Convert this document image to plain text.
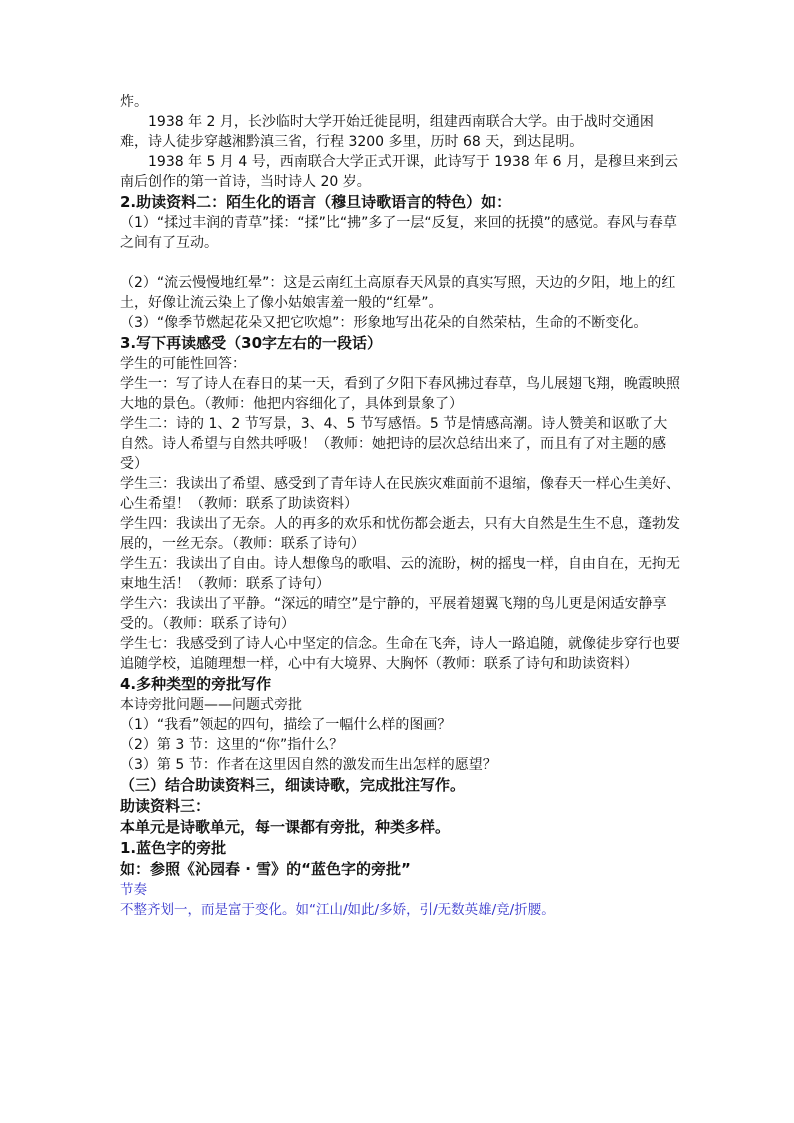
炸。

1938 年 2 月，长沙临时大学开始迁徙昆明，组建西南联合大学。由于战时交通困难，诗人徒步穿越湘黔滇三省，行程 3200 多里，历时 68 天，到达昆明。

1938 年 5 月 4 号，西南联合大学正式开课，此诗写于 1938 年 6 月，是穆旦来到云南后创作的第一首诗，当时诗人 20 岁。

2.助读资料二：陌生化的语言（穆旦诗歌语言的特色）如：

（1）“揉过丰润的青草”揉：“揉”比“拂”多了一层“反复，来回的抚摸”的感觉。春风与春草之间有了互动。

（2）“流云慢慢地红晕”：这是云南红土高原春天风景的真实写照，天边的夕阳，地上的红土，好像让流云染上了像小姑娘害羞一般的“红晕”。

（3）“像季节燃起花朵又把它吹熄”：形象地写出花朵的自然荣枯，生命的不断变化。

3.写下再读感受（30字左右的一段话）

学生的可能性回答：

学生一：写了诗人在春日的某一天，看到了夕阳下春风拂过春草，鸟儿展翅飞翔，晚霞映照大地的景色。（教师：他把内容细化了，具体到景象了）

学生二：诗的 1、2 节写景，3、4、5 节写感悟。5 节是情感高潮。诗人赞美和讴歌了大自然。诗人希望与自然共呼吸！（教师：她把诗的层次总结出来了，而且有了对主题的感受）

学生三：我读出了希望、感受到了青年诗人在民族灾难面前不退缩，像春天一样心生美好、心生希望！（教师：联系了助读资料）

学生四：我读出了无奈。人的再多的欢乐和忧伤都会逝去，只有大自然是生生不息，蓬勃发展的，一丝无奈。（教师：联系了诗句）

学生五：我读出了自由。诗人想像鸟的歌唱、云的流盼，树的摇曳一样，自由自在，无拘无束地生活！（教师：联系了诗句）

学生六：我读出了平静。“深远的晴空”是宁静的，平展着翅翼飞翔的鸟儿更是闲适安静享受的。（教师：联系了诗句）

学生七：我感受到了诗人心中坚定的信念。生命在飞奔，诗人一路追随，就像徒步穿行也要追随学校，追随理想一样，心中有大境界、大胸怀（教师：联系了诗句和助读资料）

4.多种类型的旁批写作

本诗旁批问题——问题式旁批

（1）“我看”领起的四句，描绘了一幅什么样的图画？

（2）第 3 节：这里的“你”指什么？

（3）第 5 节：作者在这里因自然的激发而生出怎样的愿望？

（三）结合助读资料三，细读诗歌，完成批注写作。

助读资料三：

本单元是诗歌单元，每一课都有旁批，种类多样。

1.蓝色字的旁批

如：参照《沁园春 · 雪》的“蓝色字的旁批”

节奏

不整齐划一，而是富于变化。如“江山/如此/多娇，引/无数英雄/竞/折腰。
